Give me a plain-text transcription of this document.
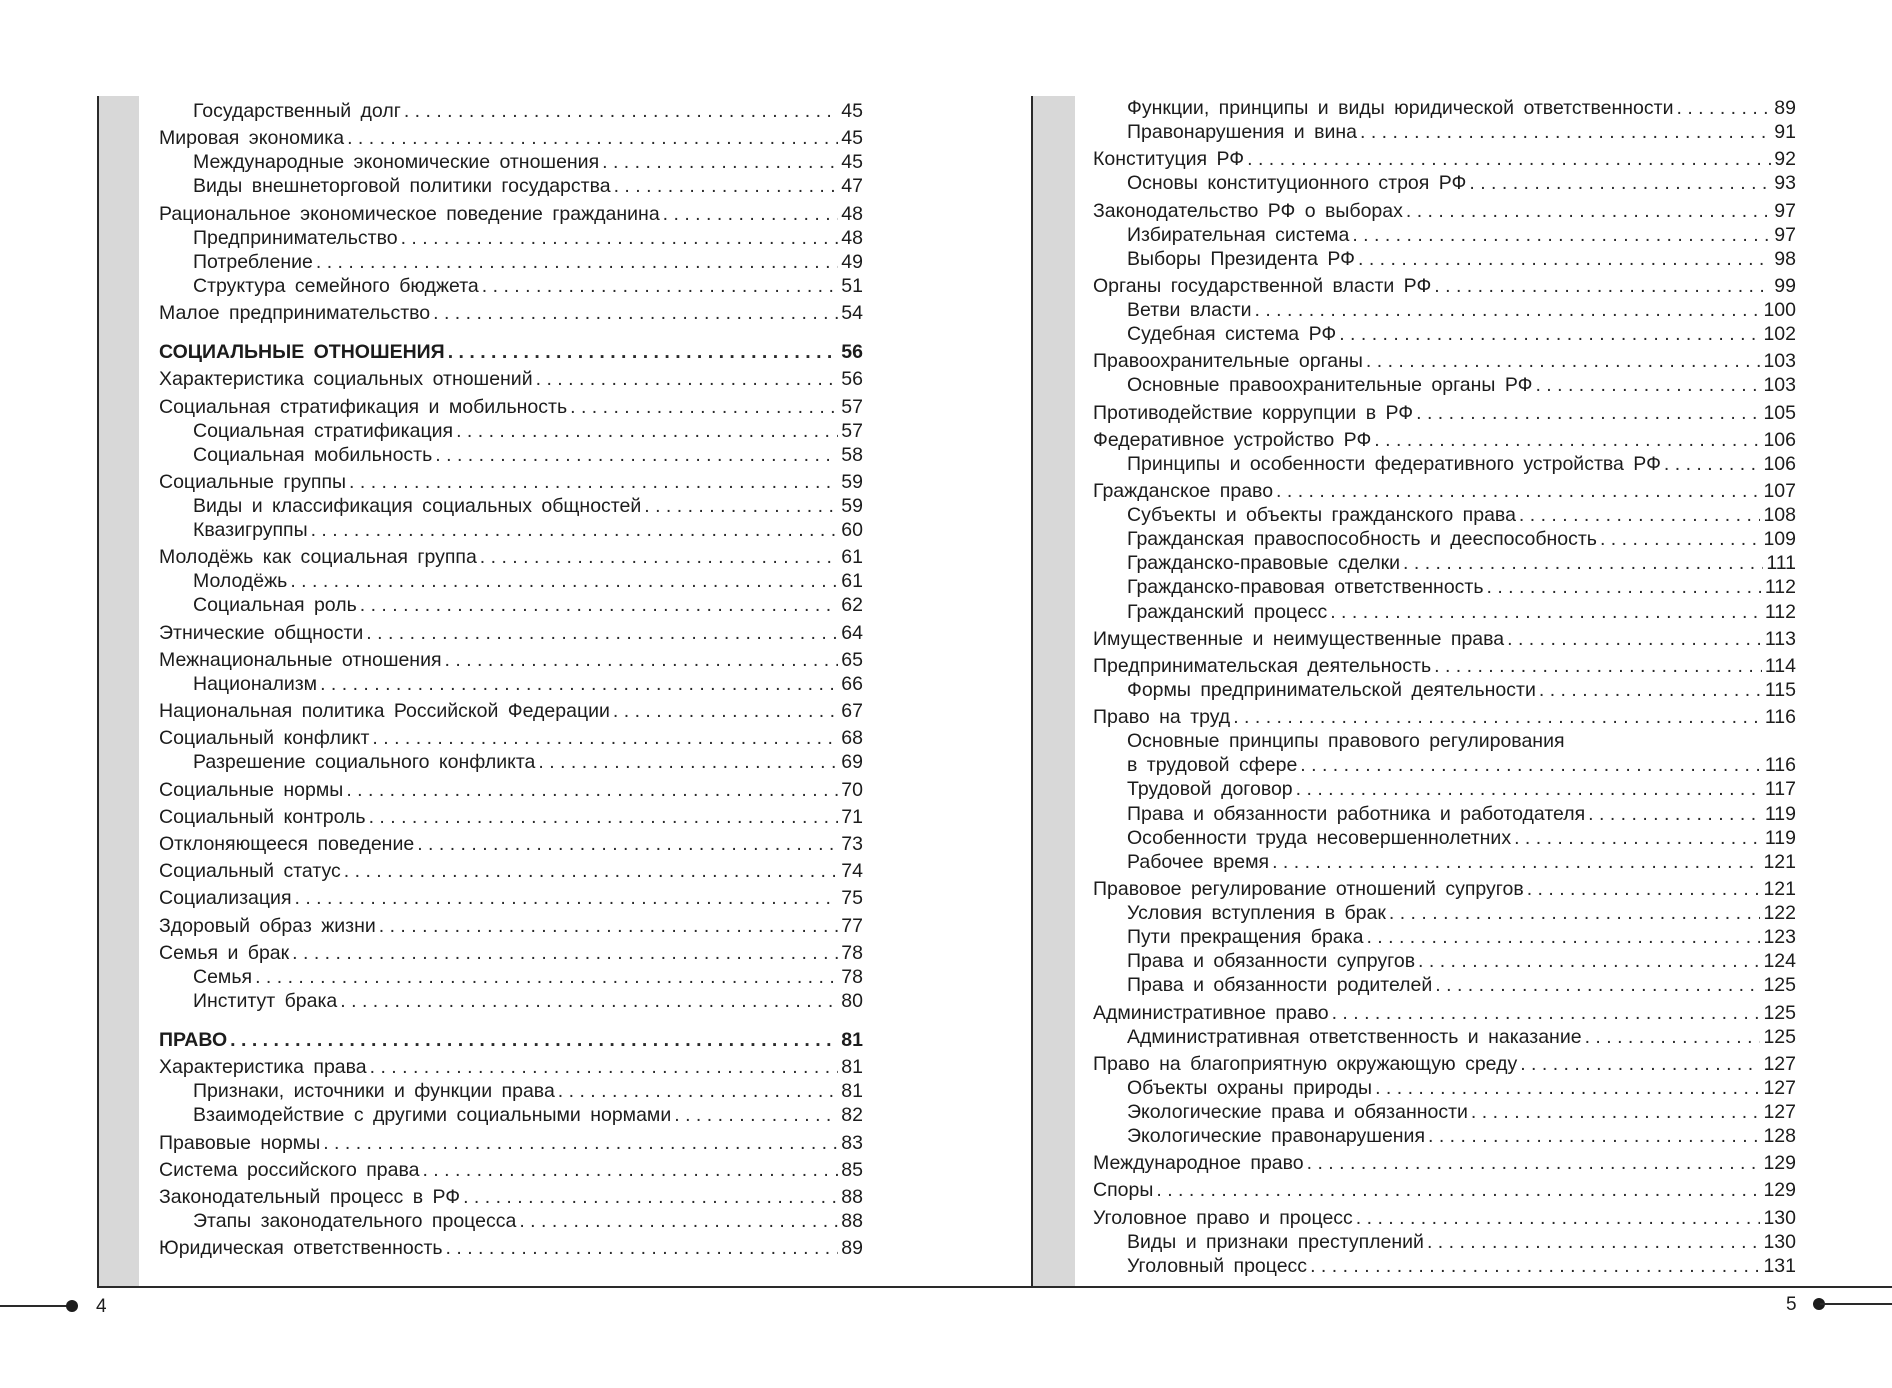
4	5
Государственный долг . . .	45
Мировая экономика . . .	45
Международные экономические отношения . . .	45
Виды внешнеторговой политики государства . . .	47
Рациональное экономическое поведение гражданина . . .	48
Предпринимательство . . .	48
Потребление . . .	49
Структура семейного бюджета . . .	51
Малое предпринимательство . . .	54
СОЦИАЛЬНЫЕ ОТНОШЕНИЯ . . .	56
Характеристика социальных отношений . . .	56
Социальная стратификация и мобильность . . .	57
Социальная стратификация . . .	57
Социальная мобильность . . .	58
Социальные группы . . .	59
Виды и классификация социальных общностей . . .	59
Квазигруппы . . .	60
Молодёжь как социальная группа . . .	61
Молодёжь . . .	61
Социальная роль . . .	62
Этнические общности . . .	64
Межнациональные отношения . . .	65
Национализм . . .	66
Национальная политика Российской Федерации . . .	67
Социальный конфликт . . .	68
Разрешение социального конфликта . . .	69
Социальные нормы . . .	70
Социальный контроль . . .	71
Отклоняющееся поведение . . .	73
Социальный статус . . .	74
Социализация . . .	75
Здоровый образ жизни . . .	77
Семья и брак . . .	78
Семья . . .	78
Институт брака . . .	80
ПРАВО . . .	81
Характеристика права . . .	81
Признаки, источники и функции права . . .	81
Взаимодействие с другими социальными нормами . . .	82
Правовые нормы . . .	83
Система российского права . . .	85
Законодательный процесс в РФ . . .	88
Этапы законодательного процесса . . .	88
Юридическая ответственность . . .	89
Функции, принципы и виды юридической ответственности . . .	89
Правонарушения и вина . . .	91
Конституция РФ . . .	92
Основы конституционного строя РФ . . .	93
Законодательство РФ о выборах . . .	97
Избирательная система . . .	97
Выборы Президента РФ . . .	98
Органы государственной власти РФ . . .	99
Ветви власти . . .	100
Судебная система РФ . . .	102
Правоохранительные органы . . .	103
Основные правоохранительные органы РФ . . .	103
Противодействие коррупции в РФ . . .	105
Федеративное устройство РФ . . .	106
Принципы и особенности федеративного устройства РФ . . .	106
Гражданское право . . .	107
Субъекты и объекты гражданского права . . .	108
Гражданская правоспособность и дееспособность . . .	109
Гражданско-правовые сделки . . .	111
Гражданско-правовая ответственность . . .	112
Гражданский процесс . . .	112
Имущественные и неимущественные права . . .	113
Предпринимательская деятельность . . .	114
Формы предпринимательской деятельности . . .	115
Право на труд . . .	116
Основные принципы правового регулирования
в трудовой сфере . . .	116
Трудовой договор . . .	117
Права и обязанности работника и работодателя . . .	119
Особенности труда несовершеннолетних . . .	119
Рабочее время . . .	121
Правовое регулирование отношений супругов . . .	121
Условия вступления в брак . . .	122
Пути прекращения брака . . .	123
Права и обязанности супругов . . .	124
Права и обязанности родителей . . .	125
Административное право . . .	125
Административная ответственность и наказание . . .	125
Право на благоприятную окружающую среду . . .	127
Объекты охраны природы . . .	127
Экологические права и обязанности . . .	127
Экологические правонарушения . . .	128
Международное право . . .	129
Споры . . .	129
Уголовное право и процесс . . .	130
Виды и признаки преступлений . . .	130
Уголовный процесс . . .	131
